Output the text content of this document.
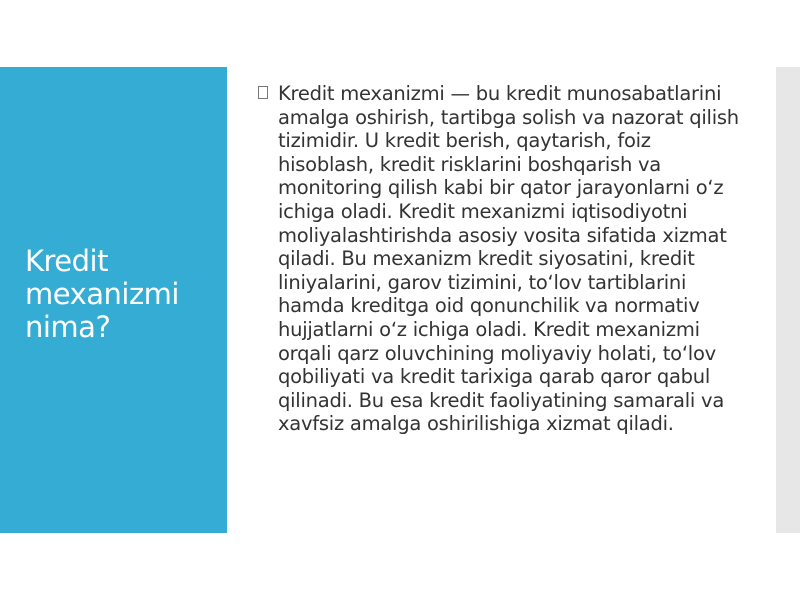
Kredit mexanizmi nima?
Kredit mexanizmi — bu kredit munosabatlarini amalga oshirish, tartibga solish va nazorat qilish tizimidir. U kredit berish, qaytarish, foiz hisoblash, kredit risklarini boshqarish va monitoring qilish kabi bir qator jarayonlarni oʻz ichiga oladi. Kredit mexanizmi iqtisodiyotni moliyalashtirishda asosiy vosita sifatida xizmat qiladi. Bu mexanizm kredit siyosatini, kredit liniyalarini, garov tizimini, toʻlov tartiblarini hamda kreditga oid qonunchilik va normativ hujjatlarni oʻz ichiga oladi. Kredit mexanizmi orqali qarz oluvchining moliyaviy holati, toʻlov qobiliyati va kredit tarixiga qarab qaror qabul qilinadi. Bu esa kredit faoliyatining samarali va xavfsiz amalga oshirilishiga xizmat qiladi.
